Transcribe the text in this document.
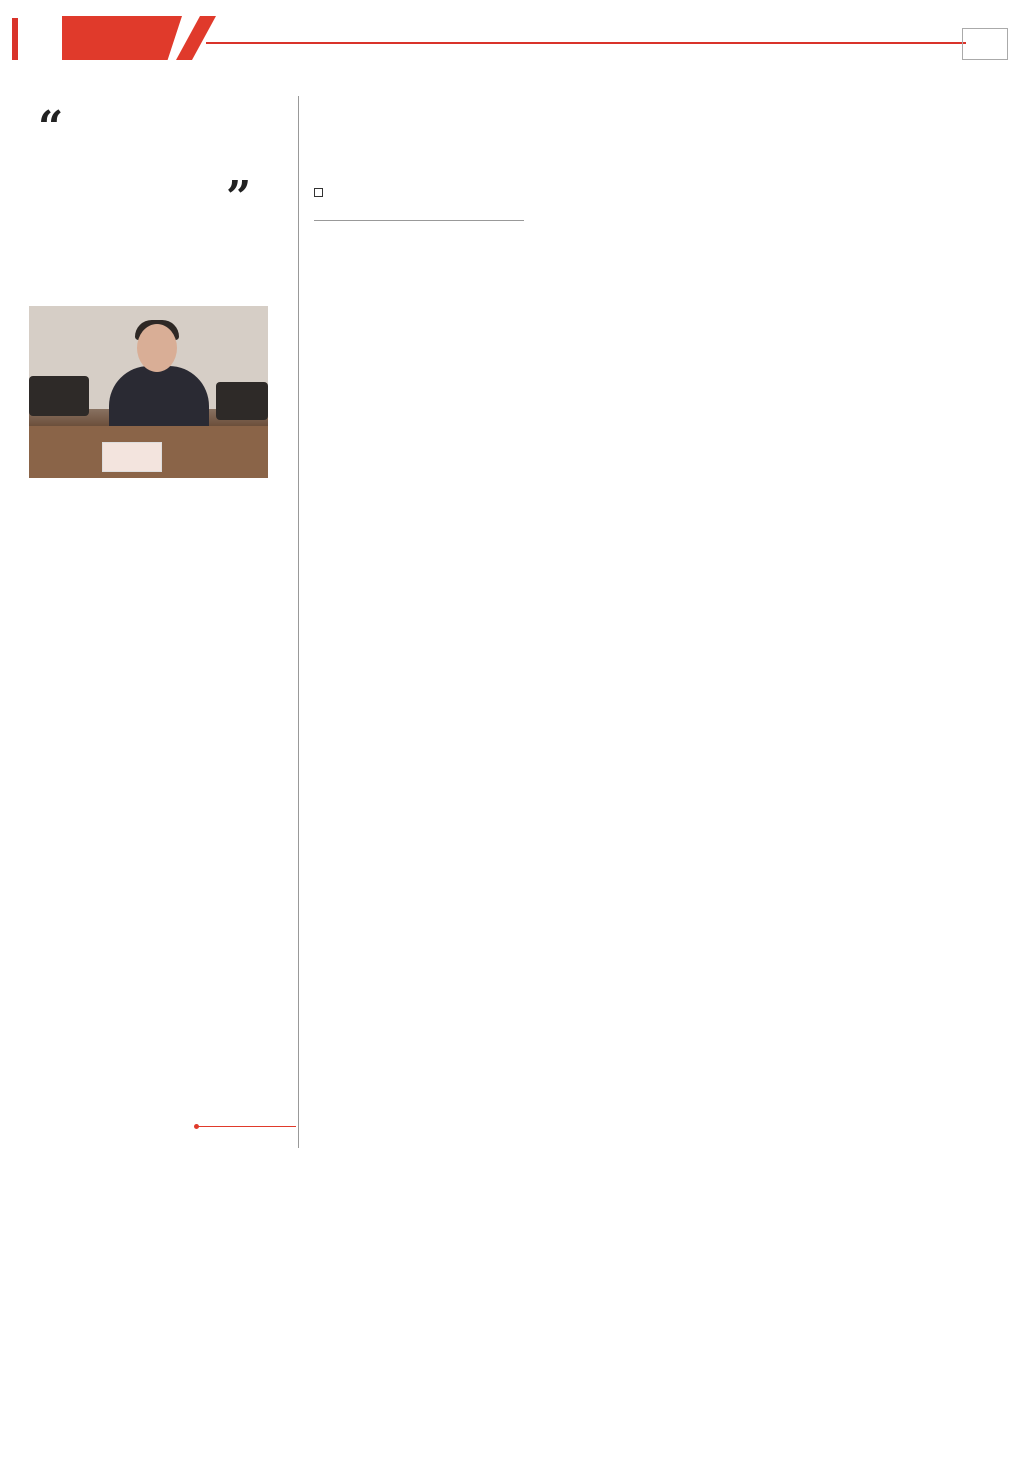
“
”
